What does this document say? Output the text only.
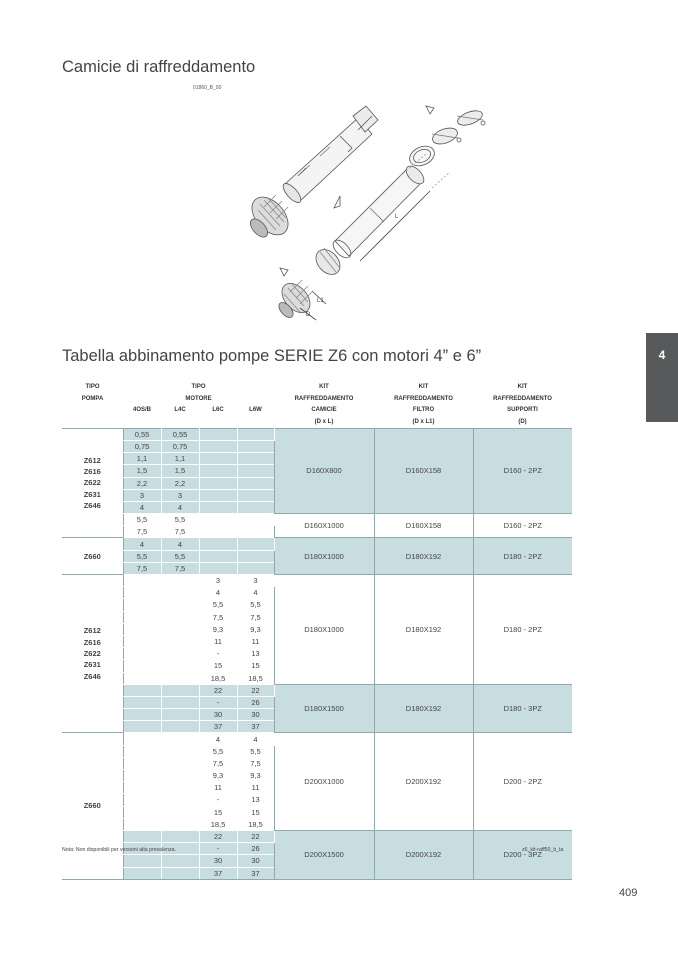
Camicie di raffreddamento
01860_B_00
L
L1
D
Tabella abbinamento pompe SERIE Z6 con motori 4” e 6”	4
TIPO	TIPO				KIT	KIT	KIT
POMPA	MOTORE				RAFFREDDAMENTO	RAFFREDDAMENTO	RAFFREDDAMENTO
	4OS/B	L4C	L6C	L6W	CAMICIE	FILTRO	SUPPORTI
					(D x L)	(D x L1)	(D)
Z612
Z616
Z622
Z631
Z646	0,55	0,55			D160X800	D160X158	D160 - 2PZ
	0,75	0,75					
	1,1	1,1					
	1,5	1,5					
	2,2	2,2					
	3	3					
	4	4					
	5,5	5,5			D160X1000	D160X158	D160 - 2PZ
	7,5	7,5					
Z660	4	4			D180X1000	D180X192	D180 - 2PZ
	5,5	5,5					
	7,5	7,5					
Z612
Z616
Z622
Z631
Z646			3	3	D180X1000	D180X192	D180 - 2PZ
			4	4			
			5,5	5,5			
			7,5	7,5			
			9,3	9,3			
			11	11			
			-	13			
			15	15			
			18,5	18,5			
			22	22	D180X1500	D180X192	D180 - 3PZ
			-	26			
			30	30			
			37	37			
Z660			4	4	D200X1000	D200X192	D200 - 2PZ
			5,5	5,5			
			7,5	7,5			
			9,3	9,3			
			11	11			
			-	13			
			15	15			
			18,5	18,5			
			22	22	D200X1500	D200X192	D200 - 3PZ
			-	26			
			30	30			
			37	37			
Nota: Non disponibili per versioni alta prevalenza.	z6_kit-raff50_b_ta
409
